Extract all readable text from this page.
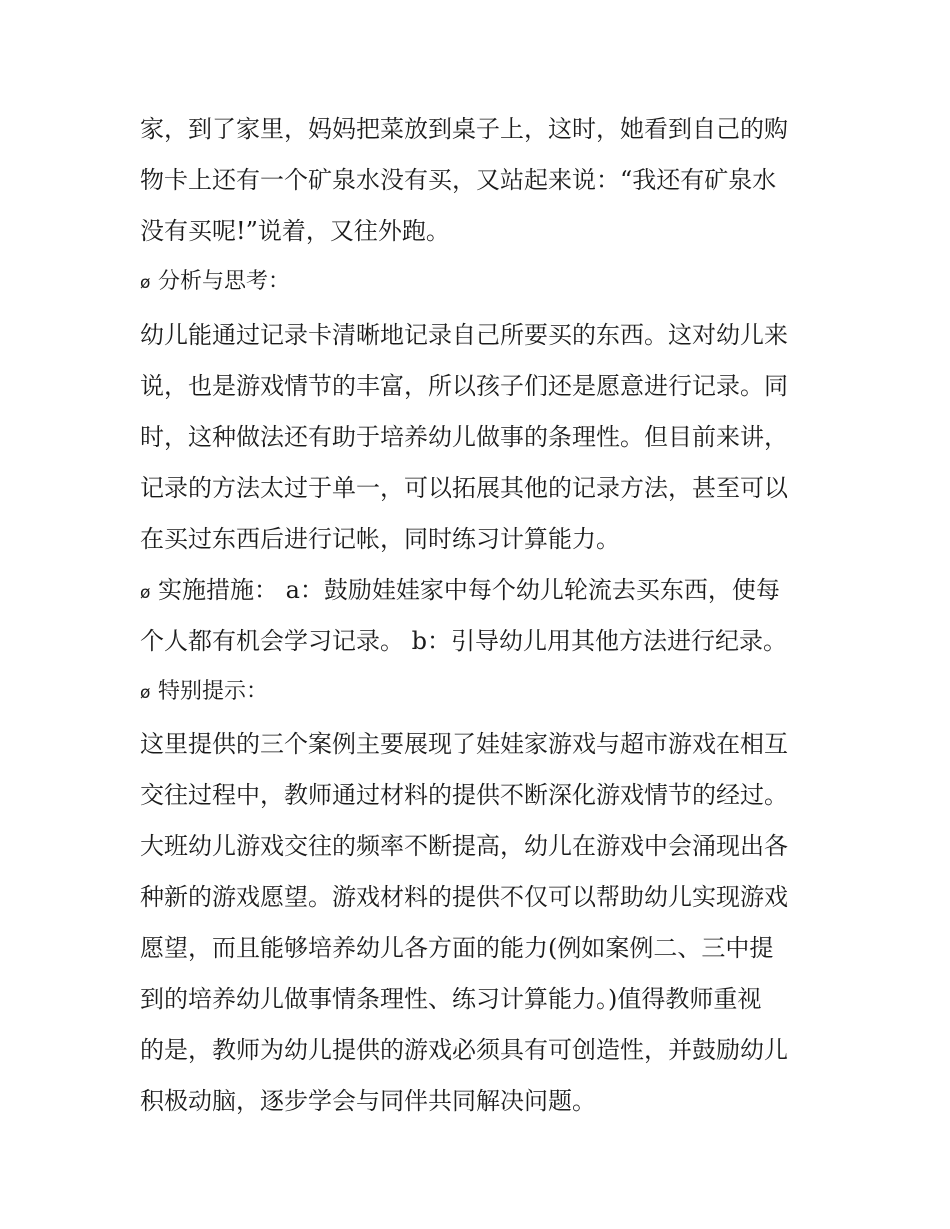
家，到了家里，妈妈把菜放到桌子上，这时，她看到自己的购
物卡上还有一个矿泉水没有买，又站起来说：“我还有矿泉水
没有买呢!”说着，又往外跑。
ø 分析与思考：
幼儿能通过记录卡清晰地记录自己所要买的东西。这对幼儿来
说，也是游戏情节的丰富，所以孩子们还是愿意进行记录。同
时，这种做法还有助于培养幼儿做事的条理性。但目前来讲，
记录的方法太过于单一，可以拓展其他的记录方法，甚至可以
在买过东西后进行记帐，同时练习计算能力。
ø 实施措施： a：鼓励娃娃家中每个幼儿轮流去买东西，使每
个人都有机会学习记录。 b：引导幼儿用其他方法进行纪录。
ø 特别提示：
这里提供的三个案例主要展现了娃娃家游戏与超市游戏在相互
交往过程中，教师通过材料的提供不断深化游戏情节的经过。
大班幼儿游戏交往的频率不断提高，幼儿在游戏中会涌现出各
种新的游戏愿望。游戏材料的提供不仅可以帮助幼儿实现游戏
愿望，而且能够培养幼儿各方面的能力(例如案例二、三中提
到的培养幼儿做事情条理性、练习计算能力。)值得教师重视
的是，教师为幼儿提供的游戏必须具有可创造性，并鼓励幼儿
积极动脑，逐步学会与同伴共同解决问题。
